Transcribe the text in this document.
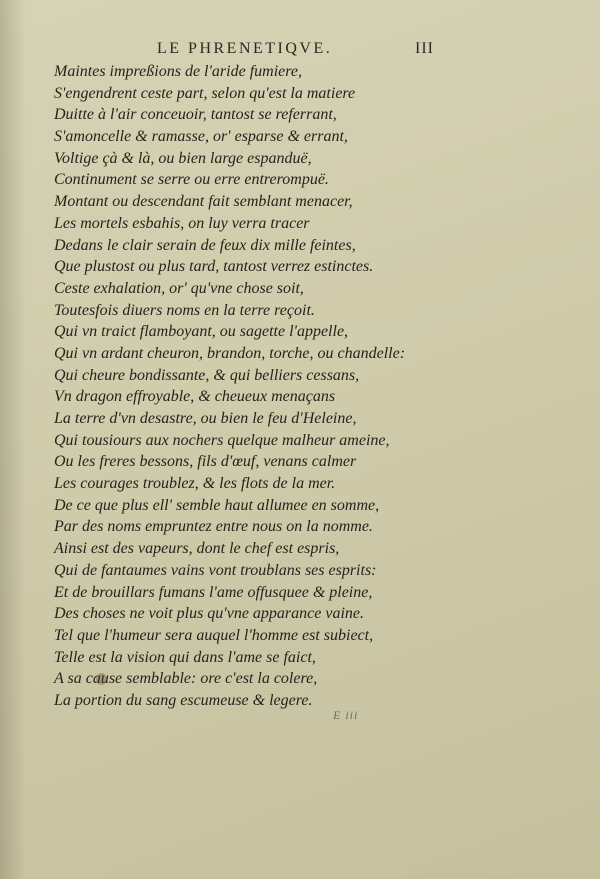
LE PHRENETIQVE.	III
Maintes impreßions de l'aride fumiere,
S'engendrent ceste part, selon qu'est la matiere
Duitte à l'air conceuoir, tantost se referrant,
S'amoncelle & ramasse, or' esparse & errant,
Voltige çà & là, ou bien large espanduë,
Continument se serre ou erre entrerompuë.
Montant ou descendant fait semblant menacer,
Les mortels esbahis, on luy verra tracer
Dedans le clair serain de feux dix mille feintes,
Que plustost ou plus tard, tantost verrez estinctes.
Ceste exhalation, or' qu'vne chose soit,
Toutesfois diuers noms en la terre reçoit.
Qui vn traict flamboyant, ou sagette l'appelle,
Qui vn ardant cheuron, brandon, torche, ou chandelle:
Qui cheure bondissante, & qui belliers cessans,
Vn dragon effroyable, & cheueux menaçans
La terre d'vn desastre, ou bien le feu d'Heleine,
Qui tousiours aux nochers quelque malheur ameine,
Ou les freres bessons, fils d'œuf, venans calmer
Les courages troublez, & les flots de la mer.
De ce que plus ell' semble haut allumee en somme,
Par des noms empruntez entre nous on la nomme.
Ainsi est des vapeurs, dont le chef est espris,
Qui de fantaumes vains vont troublans ses esprits:
Et de brouillars fumans l'ame offusquee & pleine,
Des choses ne voit plus qu'vne apparance vaine.
Tel que l'humeur sera auquel l'homme est subiect,
Telle est la vision qui dans l'ame se faict,
A sa cause semblable: ore c'est la colere,
La portion du sang escumeuse & legere.
E iii
